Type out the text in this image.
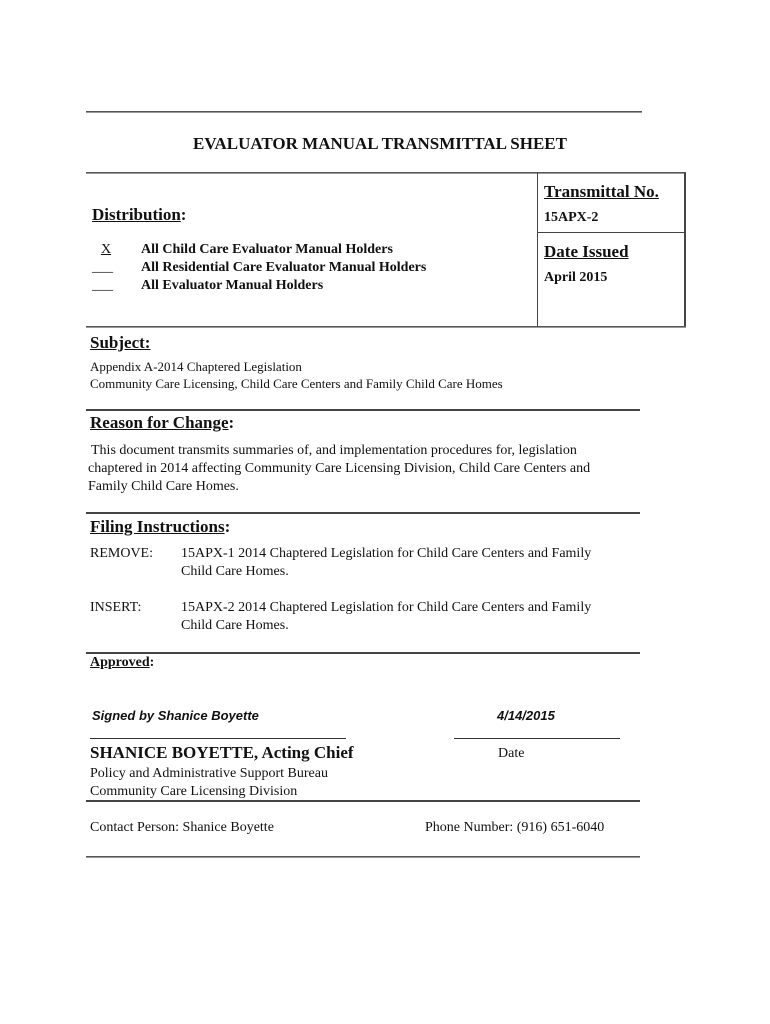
EVALUATOR MANUAL TRANSMITTAL SHEET
Distribution:
X	All Child Care Evaluator Manual Holders
___ All Residential Care Evaluator Manual Holders
___ All Evaluator Manual Holders
Transmittal No.
15APX-2
Date Issued
April 2015
Subject:
Appendix A-2014 Chaptered Legislation
Community Care Licensing, Child Care Centers and Family Child Care Homes
Reason for Change:
This document transmits summaries of, and implementation procedures for, legislation
chaptered in 2014 affecting Community Care Licensing Division, Child Care Centers and
Family Child Care Homes.
Filing Instructions:
REMOVE: 15APX-1 2014 Chaptered Legislation for Child Care Centers and Family
Child Care Homes.
INSERT:	15APX-2 2014 Chaptered Legislation for Child Care Centers and Family
Child Care Homes.
Approved:
Signed by Shanice Boyette	4/14/2015
SHANICE BOYETTE, Acting Chief	Date
Policy and Administrative Support Bureau
Community Care Licensing Division
Contact Person: Shanice Boyette	Phone Number: (916) 651-6040
